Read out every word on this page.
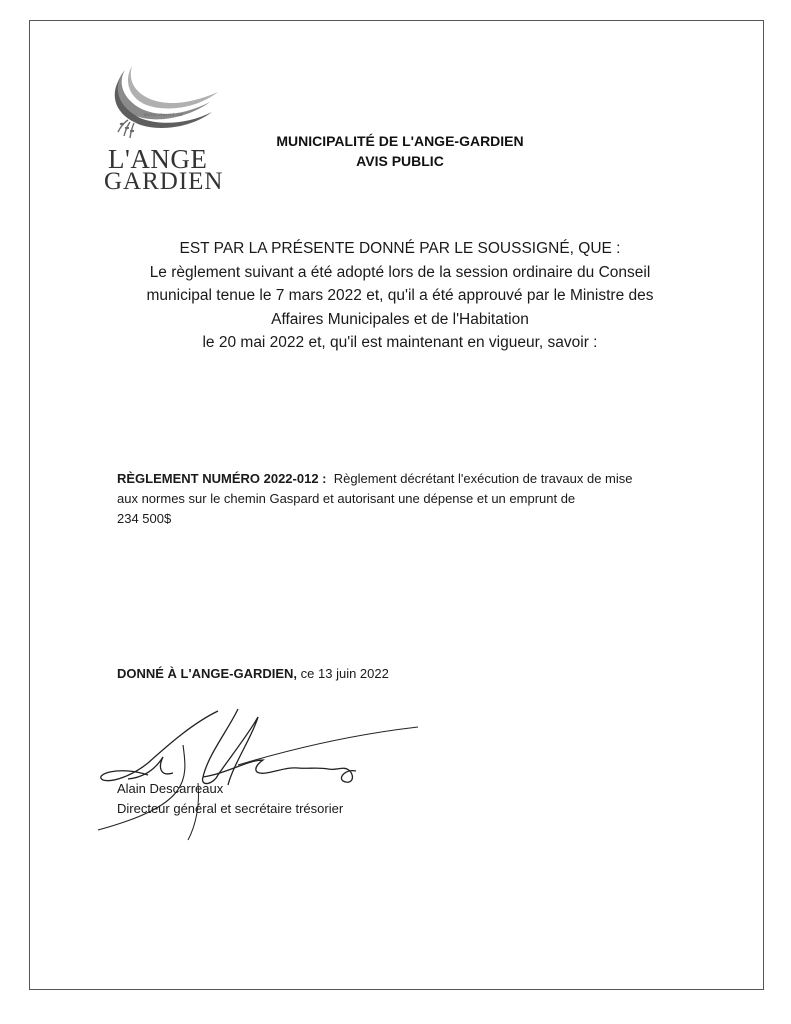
MUNICIPALITÉ DE
L'ANGE
GARDIEN
MUNICIPALITÉ DE L'ANGE-GARDIEN
AVIS PUBLIC
EST PAR LA PRÉSENTE DONNÉ PAR LE SOUSSIGNÉ, QUE :
Le règlement suivant a été adopté lors de la session ordinaire du Conseil
municipal tenue le 7 mars 2022 et, qu'il a été approuvé par le Ministre des
Affaires Municipales et de l'Habitation
le 20 mai 2022 et, qu'il est maintenant en vigueur, savoir :
RÈGLEMENT NUMÉRO 2022-012 : Règlement décrétant l'exécution de travaux de mise
aux normes sur le chemin Gaspard et autorisant une dépense et un emprunt de
234 500$
DONNÉ À L'ANGE-GARDIEN, ce 13 juin 2022
Alain Descarreaux
Directeur général et secrétaire trésorier
